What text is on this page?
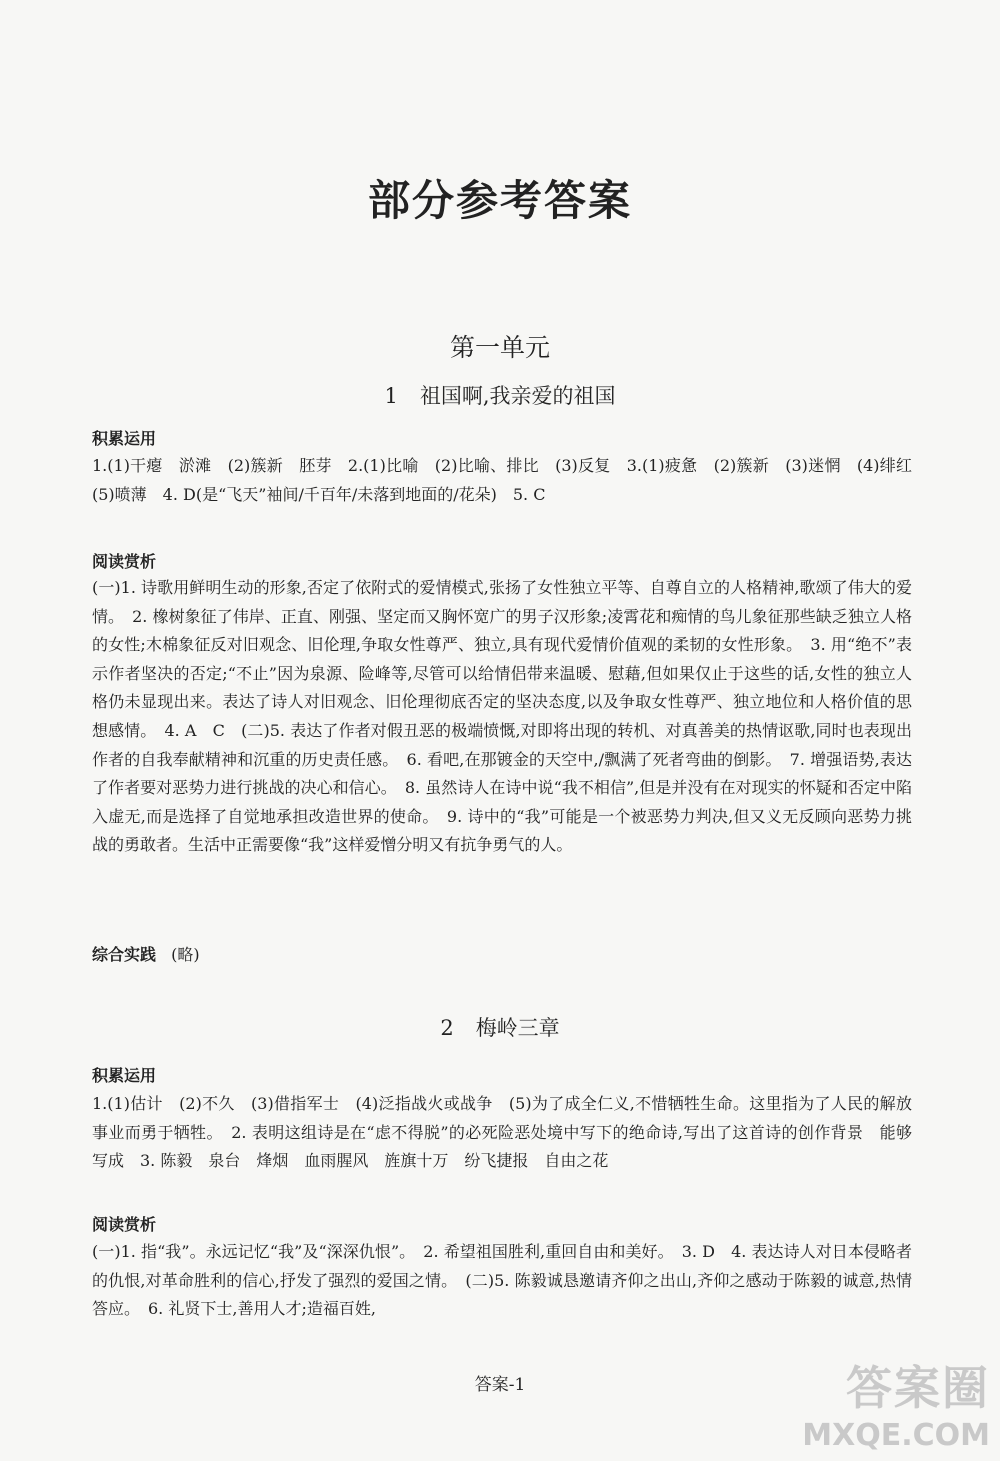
部分参考答案
第一单元
1 祖国啊,我亲爱的祖国
积累运用
1.(1)干瘪　淤滩　(2)簇新　胚芽　2.(1)比喻　(2)比喻、排比　(3)反复　3.(1)疲惫　(2)簇新　(3)迷惘　(4)绯红　(5)喷薄　4. D(是“飞天”袖间/千百年/未落到地面的/花朵)　5. C
阅读赏析
(一)1. 诗歌用鲜明生动的形象,否定了依附式的爱情模式,张扬了女性独立平等、自尊自立的人格精神,歌颂了伟大的爱情。　2. 橡树象征了伟岸、正直、刚强、坚定而又胸怀宽广的男子汉形象;凌霄花和痴情的鸟儿象征那些缺乏独立人格的女性;木棉象征反对旧观念、旧伦理,争取女性尊严、独立,具有现代爱情价值观的柔韧的女性形象。　3. 用“绝不”表示作者坚决的否定;“不止”因为泉源、险峰等,尽管可以给情侣带来温暖、慰藉,但如果仅止于这些的话,女性的独立人格仍未显现出来。表达了诗人对旧观念、旧伦理彻底否定的坚决态度,以及争取女性尊严、独立地位和人格价值的思想感情。　4. A　C　(二)5. 表达了作者对假丑恶的极端愤慨,对即将出现的转机、对真善美的热情讴歌,同时也表现出作者的自我奉献精神和沉重的历史责任感。　6. 看吧,在那镀金的天空中,/飘满了死者弯曲的倒影。　7. 增强语势,表达了作者要对恶势力进行挑战的决心和信心。　8. 虽然诗人在诗中说“我不相信”,但是并没有在对现实的怀疑和否定中陷入虚无,而是选择了自觉地承担改造世界的使命。　9. 诗中的“我”可能是一个被恶势力判决,但又义无反顾向恶势力挑战的勇敢者。生活中正需要像“我”这样爱憎分明又有抗争勇气的人。
综合实践 (略)
2 梅岭三章
积累运用
1.(1)估计　(2)不久　(3)借指军士　(4)泛指战火或战争　(5)为了成全仁义,不惜牺牲生命。这里指为了人民的解放事业而勇于牺牲。　2. 表明这组诗是在“虑不得脱”的必死险恶处境中写下的绝命诗,写出了这首诗的创作背景　能够　写成　3. 陈毅　泉台　烽烟　血雨腥风　旌旗十万　纷飞捷报　自由之花
阅读赏析
(一)1. 指“我”。永远记忆“我”及“深深仇恨”。　2. 希望祖国胜利,重回自由和美好。　3. D　4. 表达诗人对日本侵略者的仇恨,对革命胜利的信心,抒发了强烈的爱国之情。　(二)5. 陈毅诚恳邀请齐仰之出山,齐仰之感动于陈毅的诚意,热情答应。　6. 礼贤下士,善用人才;造福百姓,
答案-1	答案圈
MXQE.COM
